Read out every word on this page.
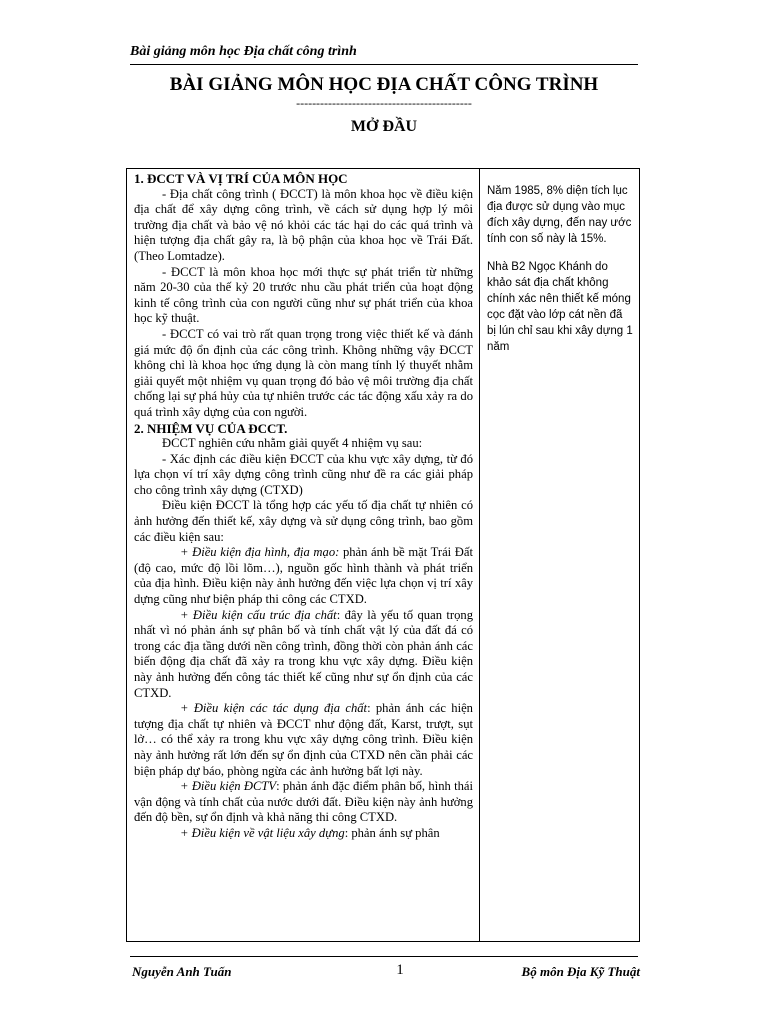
Bài giảng môn học Địa chất công trình
BÀI GIẢNG MÔN HỌC ĐỊA CHẤT CÔNG TRÌNH
--------------------------------------------
MỞ ĐẦU

1. ĐCCT VÀ VỊ TRÍ CỦA MÔN HỌC

- Địa chất công trình ( ĐCCT) là môn khoa học về điều kiện địa chất để xây dựng công trình, về cách sử dụng hợp lý môi trường địa chất và bảo vệ nó khỏi các tác hại do các quá trình và hiện tượng địa chất gây ra, là bộ phận của khoa học về Trái Đất. (Theo Lomtadze).

- ĐCCT là môn khoa học mới thực sự phát triển từ những năm 20-30 của thế kỷ 20 trước nhu cầu phát triển của hoạt động kinh tế công trình của con người cũng như sự phát triển của khoa học kỹ thuật.

- ĐCCT có vai trò rất quan trọng trong việc thiết kế và đánh giá mức độ ổn định của các công trình. Không những vậy ĐCCT không chỉ là khoa học ứng dụng là còn mang tính lý thuyết nhằm giải quyết một nhiệm vụ quan trọng đó bảo vệ môi trường địa chất chống lại sự phá hủy của tự nhiên trước các tác động xấu xảy ra do quá trình xây dựng của con người.

2. NHIỆM VỤ CỦA ĐCCT.

ĐCCT nghiên cứu nhằm giải quyết 4 nhiệm vụ sau:

- Xác định các điều kiện ĐCCT của khu vực xây dựng, từ đó lựa chọn ví trí xây dựng công trình cũng như đề ra các giải pháp cho công trình xây dựng (CTXD)

Điều kiện ĐCCT là tổng hợp các yếu tố địa chất tự nhiên có ảnh hưởng đến thiết kế, xây dựng và sử dụng công trình, bao gồm các điều kiện sau:

+ Điều kiện địa hình, địa mạo: phản ánh bề mặt Trái Đất (độ cao, mức độ lồi lõm…), nguồn gốc hình thành và phát triển của địa hình. Điều kiện này ảnh hưởng đến việc lựa chọn vị trí xây dựng cũng như biện pháp thi công các CTXD.

+ Điều kiện cấu trúc địa chất: đây là yếu tố quan trọng nhất vì nó phản ánh sự phân bố và tính chất vật lý của đất đá có trong các địa tầng dưới nền công trình, đồng thời còn phản ánh các biến động địa chất đã xảy ra trong khu vực xây dựng. Điều kiện này ảnh hưởng đến công tác thiết kế cũng như sự ổn định của các CTXD.

+ Điều kiện các tác dụng địa chất: phản ánh các hiện tượng địa chất tự nhiên và ĐCCT như động đất, Karst, trượt, sụt lở… có thể xảy ra trong khu vực xây dựng công trình. Điều kiện này ảnh hưởng rất lớn đến sự ổn định của CTXD nên cần phải các biện pháp dự báo, phòng ngừa các ảnh hưởng bất lợi này.

+ Điều kiện ĐCTV: phản ánh đặc điểm phân bố, hình thái vận động và tính chất của nước dưới đất. Điều kiện này ảnh hưởng đến độ bền, sự ổn định và khả năng thi công CTXD.

+ Điều kiện về vật liệu xây dựng: phản ánh sự phân

Năm 1985, 8% diện tích lục địa được sử dụng vào mục đích xây dựng, đến nay ước tính con số này là 15%.

Nhà B2 Ngọc Khánh do khảo sát địa chất không chính xác nên thiết kế móng cọc đặt vào lớp cát nền đã bị lún chỉ sau khi xây dựng 1 năm

Nguyễn Anh Tuấn	1	Bộ môn Địa Kỹ Thuật
